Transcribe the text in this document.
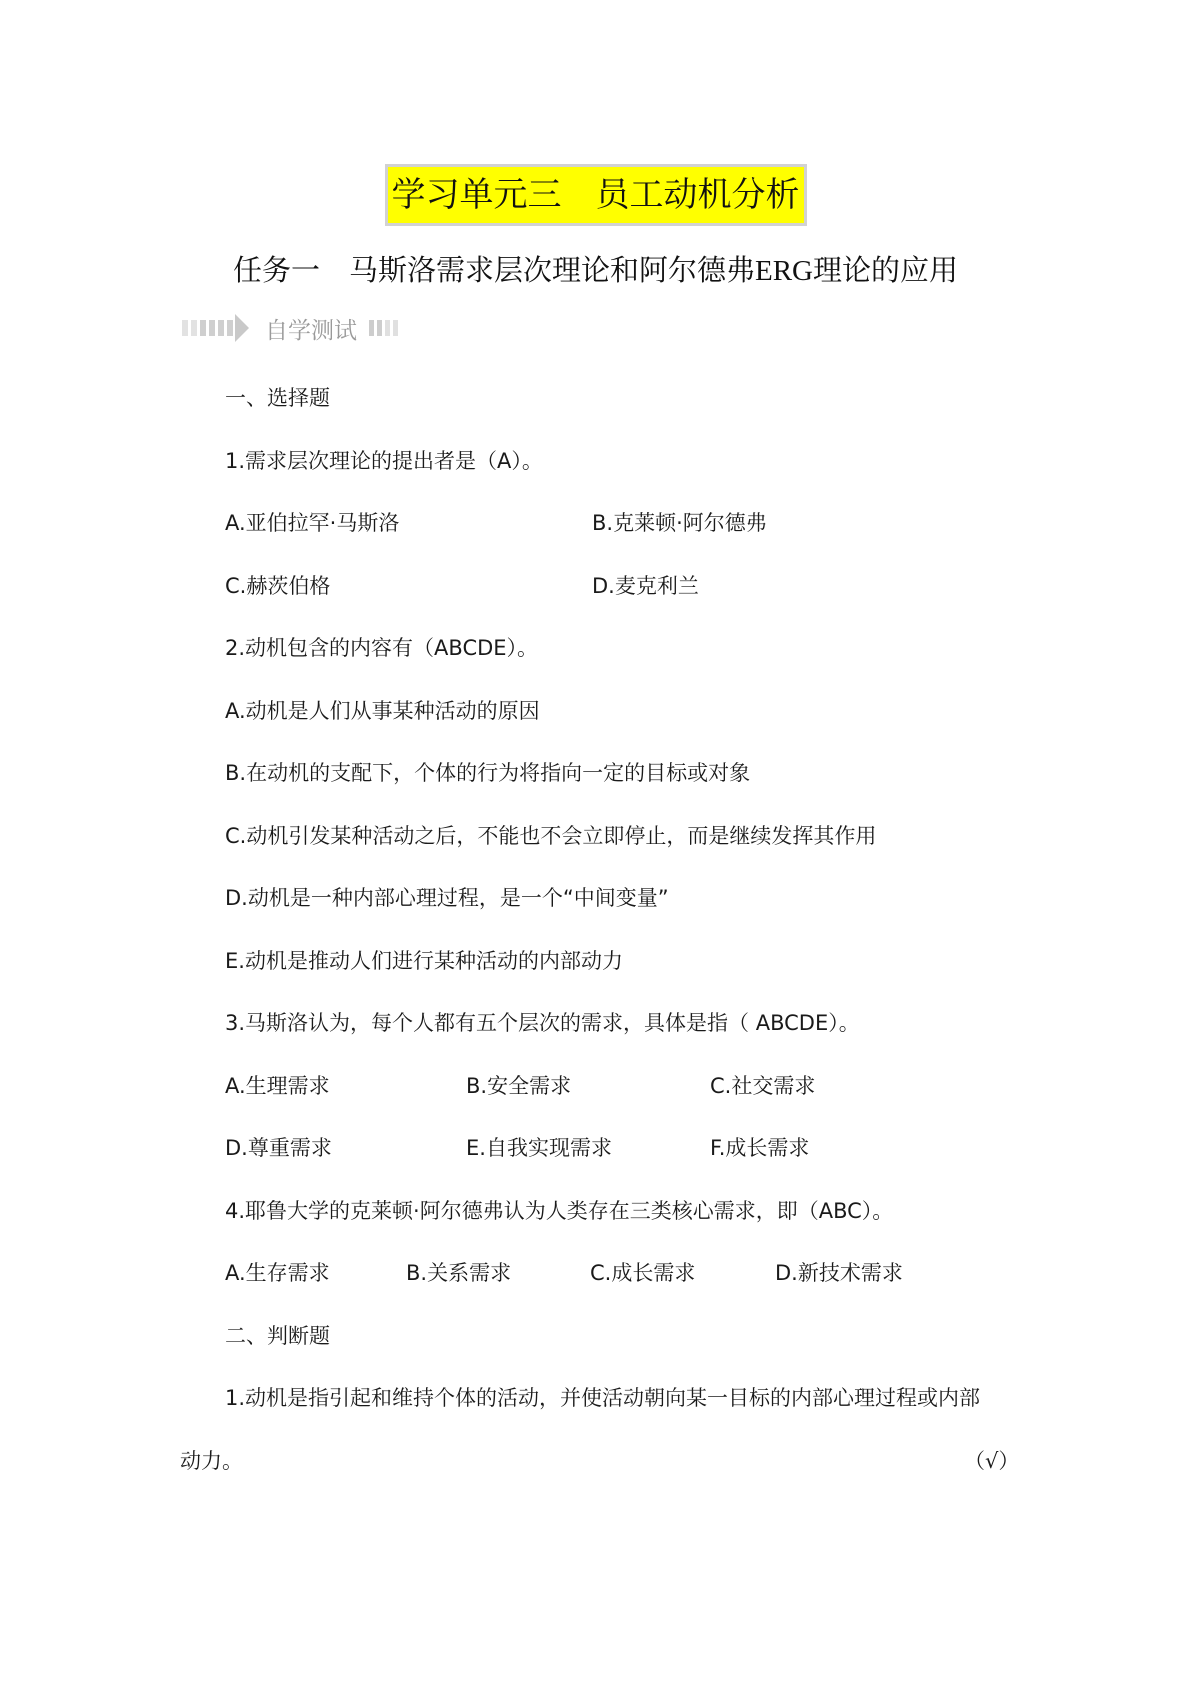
学习单元三　员工动机分析
任务一　马斯洛需求层次理论和阿尔德弗ERG理论的应用
自学测试
一、选择题
1.需求层次理论的提出者是（A）。
A.亚伯拉罕·马斯洛	B.克莱顿·阿尔德弗
C.赫茨伯格	D.麦克利兰
2.动机包含的内容有（ABCDE）。
A.动机是人们从事某种活动的原因
B.在动机的支配下，个体的行为将指向一定的目标或对象
C.动机引发某种活动之后，不能也不会立即停止，而是继续发挥其作用
D.动机是一种内部心理过程，是一个“中间变量”
E.动机是推动人们进行某种活动的内部动力
3.马斯洛认为，每个人都有五个层次的需求，具体是指（ ABCDE）。
A.生理需求	B.安全需求	C.社交需求
D.尊重需求	E.自我实现需求	F.成长需求
4.耶鲁大学的克莱顿·阿尔德弗认为人类存在三类核心需求，即（ABC）。
A.生存需求	B.关系需求	C.成长需求	D.新技术需求
二、判断题
1.动机是指引起和维持个体的活动，并使活动朝向某一目标的内部心理过程或内部
动力。	（√）
